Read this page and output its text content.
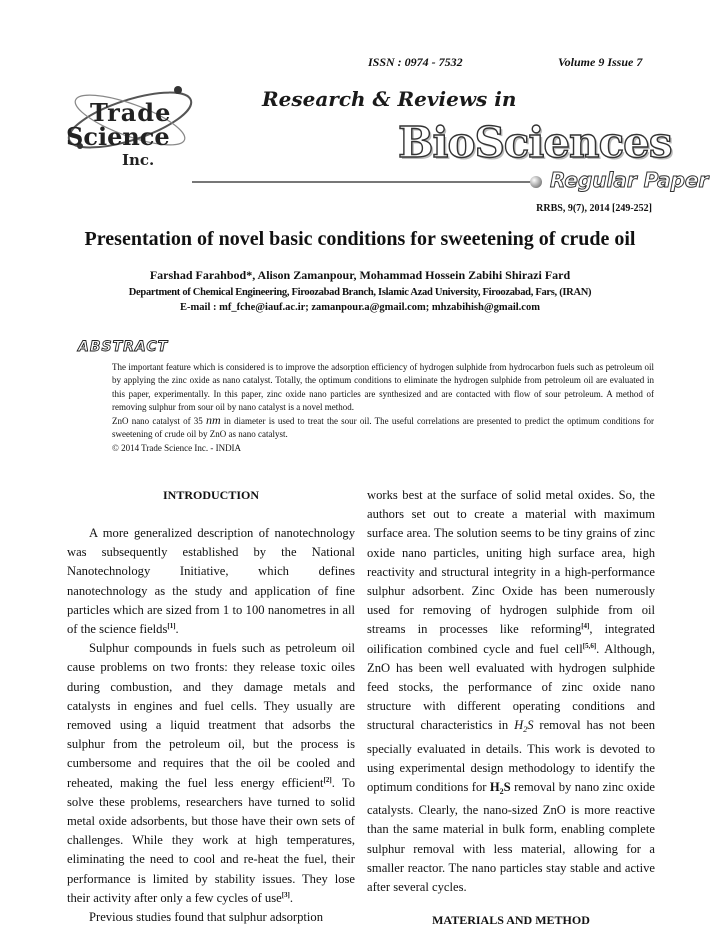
ISSN : 0974 - 7532	Volume 9 Issue 7
Trade
Science
Inc.
Research & Reviews in
BioSciences
Regular Paper
RRBS, 9(7), 2014 [249-252]
Presentation of novel basic conditions for sweetening of crude oil
Farshad Farahbod*, Alison Zamanpour, Mohammad Hossein Zabihi Shirazi Fard
Department of Chemical Engineering, Firoozabad Branch, Islamic Azad University, Firoozabad, Fars, (IRAN)
E-mail : mf_fche@iauf.ac.ir; zamanpour.a@gmail.com; mhzabihish@gmail.com
ABSTRACT

The important feature which is considered is to improve the adsorption efficiency of hydrogen sulphide from hydrocarbon fuels such as petroleum oil by applying the zinc oxide as nano catalyst. Totally, the optimum conditions to eliminate the hydrogen sulphide from petroleum oil are evaluated in this paper, experimentally. In this paper, zinc oxide nano particles are synthesized and are contacted with flow of sour petroleum. A method of removing sulphur from sour oil by nano catalyst is a novel method.

ZnO nano catalyst of 35 nm in diameter is used to treat the sour oil. The useful correlations are presented to predict the optimum conditions for sweetening of crude oil by ZnO as nano catalyst.

© 2014 Trade Science Inc. - INDIA

INTRODUCTION

A more generalized description of nanotechnology was subsequently established by the National Nanotechnology Initiative, which defines nanotechnology as the study and application of fine particles which are sized from 1 to 100 nanometres in all of the science fields[1].

Sulphur compounds in fuels such as petroleum oil cause problems on two fronts: they release toxic oiles during combustion, and they damage metals and catalysts in engines and fuel cells. They usually are removed using a liquid treatment that adsorbs the sulphur from the petroleum oil, but the process is cumbersome and requires that the oil be cooled and reheated, making the fuel less energy efficient[2]. To solve these problems, researchers have turned to solid metal oxide adsorbents, but those have their own sets of challenges. While they work at high temperatures, eliminating the need to cool and re-heat the fuel, their performance is limited by stability issues. They lose their activity after only a few cycles of use[3].

Previous studies found that sulphur adsorption

works best at the surface of solid metal oxides. So, the authors set out to create a material with maximum surface area. The solution seems to be tiny grains of zinc oxide nano particles, uniting high surface area, high reactivity and structural integrity in a high-performance sulphur adsorbent. Zinc Oxide has been numerously used for removing of hydrogen sulphide from oil streams in processes like reforming[4], integrated oilification combined cycle and fuel cell[5,6]. Although, ZnO has been well evaluated with hydrogen sulphide feed stocks, the performance of zinc oxide nano structure with different operating conditions and structural characteristics in $H_2S$ removal has not been specially evaluated in details. This work is devoted to using experimental design methodology to identify the optimum conditions for $H_2S$ removal by nano zinc oxide catalysts. Clearly, the nano-sized ZnO is more reactive than the same material in bulk form, enabling complete sulphur removal with less material, allowing for a smaller reactor. The nano particles stay stable and active after several cycles.

MATERIALS AND METHOD
